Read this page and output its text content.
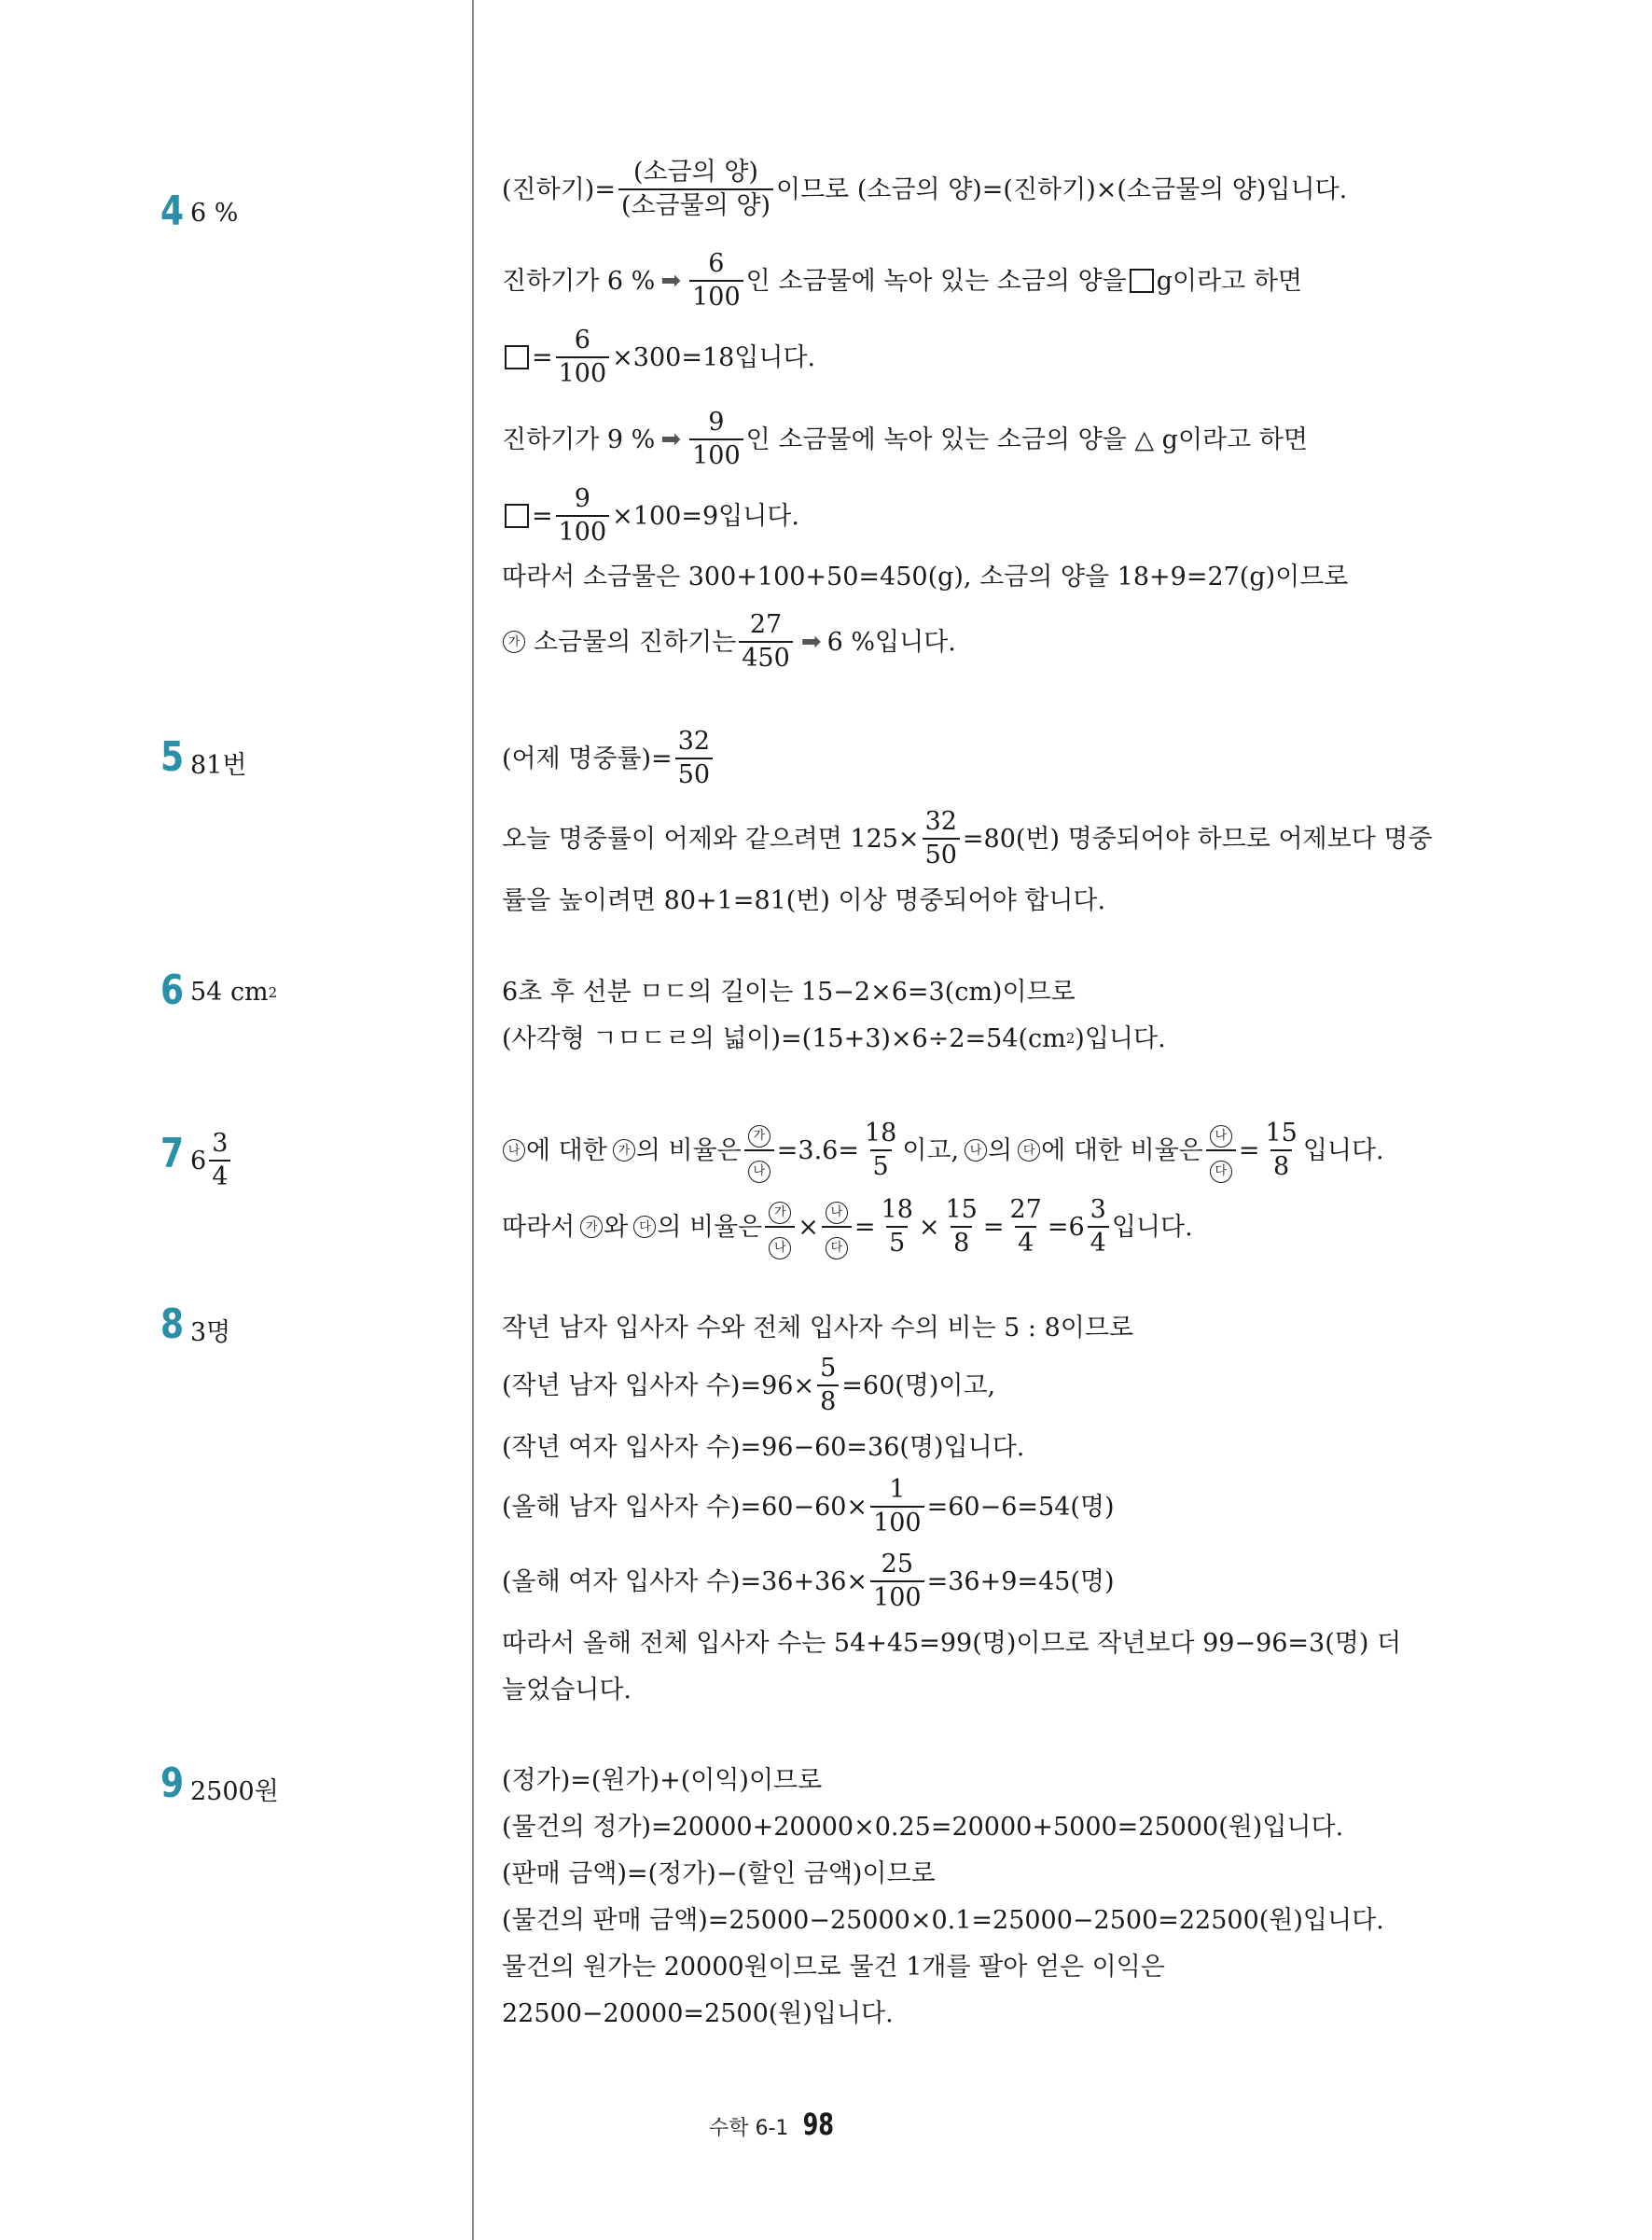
4 6 %
5 81번
6 54 cm 2
7 $6 \frac{3}{4}$
8 3명
9 2500원
(진하기)= $\frac{\text{(소금의 양)}}{\text{(소금물의 양)}}$ 이므로 (소금의 양)=(진하기)×(소금물의 양)입니다.
진하기가 6 % ➡ $\frac{6}{100}$ 인 소금물에 녹아 있는 소금의 양을 g이라고 하면
= $\frac{6}{100} \times 300=18$입니다.
진하기가 9 % ➡ $\frac{9}{100}$ 인 소금물에 녹아 있는 소금의 양을 △ g이라고 하면
= $\frac{9}{100} \times 100=9$입니다.
따라서 소금물은 300+100+50=450(g), 소금의 양을 18+9=27(g)이므로
가 소금물의 진하기는 $\frac{27}{450}$ ➡ 6 %입니다.
(어제 명중률)= $\frac{32}{50}$
오늘 명중률이 어제와 같으려면 $125\times \frac{32}{50} =80$(번) 명중되어야 하므로 어제보다 명중
률을 높이려면 80+1=81(번) 이상 명중되어야 합니다.
6초 후 선분 ㅁㄷ의 길이는 15−2×6=3(cm)이므로
(사각형 ㄱㅁㄷㄹ의 넓이)=(15+3)×6÷2=54(cm 2 )입니다.
나 에 대한 가 의 비율은 $\frac{\text{가}}{\text{나}} =3.6= \frac{18}{5}$ 이고, 나 의 다 에 대한 비율은 $\frac{\text{나}}{\text{다}} = \frac{15}{8}$ 입니다.
따라서 가 와 다 의 비율은 $\frac{\text{가}}{\text{나}} \times \frac{\text{나}}{\text{다}} = \frac{18}{5} \times \frac{15}{8} = \frac{27}{4} = 6 \frac{3}{4}$ 입니다.
작년 남자 입사자 수와 전체 입사자 수의 비는 5 : 8이므로
(작년 남자 입사자 수)$=96\times \frac{5}{8} =60$(명)이고,
(작년 여자 입사자 수)=96−60=36(명)입니다.
(올해 남자 입사자 수)$=60-60\times \frac{1}{100} =60-6=54$(명)
(올해 여자 입사자 수)$=36+36\times \frac{25}{100} =36+9=45$(명)
따라서 올해 전체 입사자 수는 54+45=99(명)이므로 작년보다 99−96=3(명) 더
늘었습니다.
(정가)=(원가)+(이익)이므로
(물건의 정가)=20000+20000×0.25=20000+5000=25000(원)입니다.
(판매 금액)=(정가)−(할인 금액)이므로
(물건의 판매 금액)=25000−25000×0.1=25000−2500=22500(원)입니다.
물건의 원가는 20000원이므로 물건 1개를 팔아 얻은 이익은
22500−20000=2500(원)입니다.
수학 6-1 98
